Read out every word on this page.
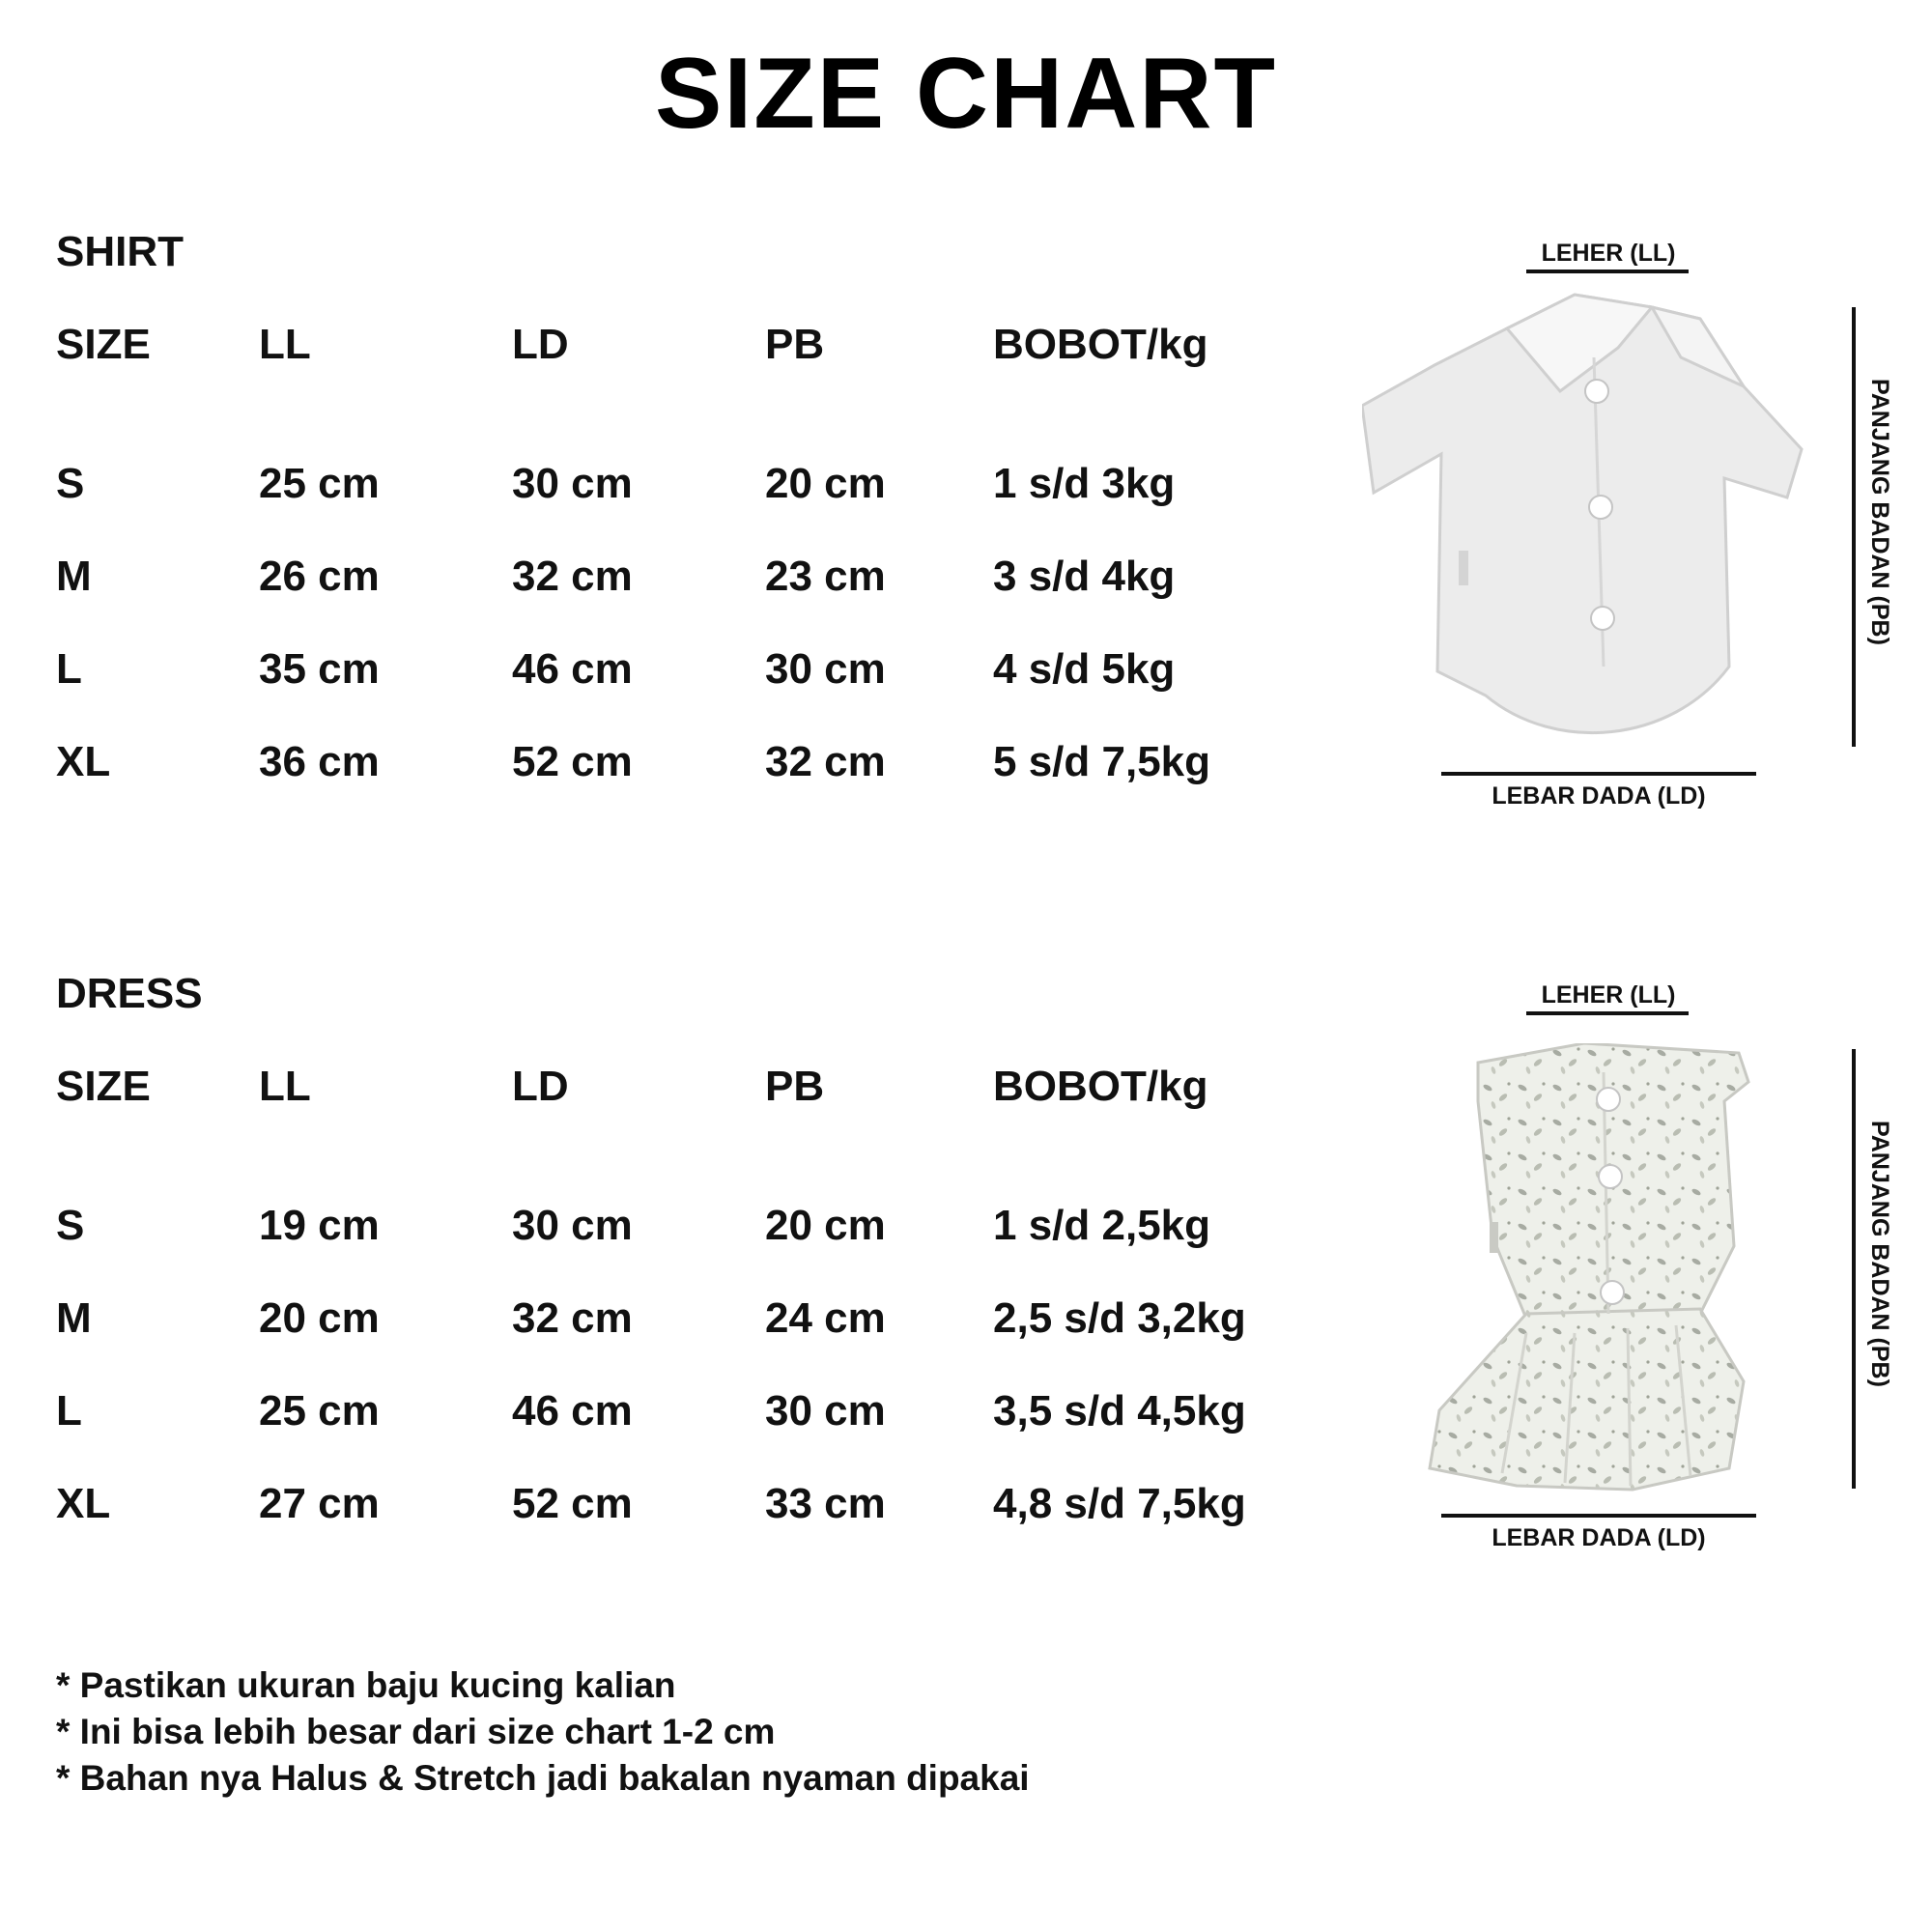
SIZE CHART
SHIRT
SIZE	LL	LD	PB	BOBOT/kg
S	25 cm	30 cm	20 cm	1 s/d 3kg
M	26 cm	32 cm	23 cm	3 s/d 4kg
L	35 cm	46 cm	30 cm	4 s/d 5kg
XL	36 cm	52 cm	32 cm	5 s/d 7,5kg
LEHER (LL)
LEBAR DADA (LD)
PANJANG BADAN (PB)
DRESS
SIZE	LL	LD	PB	BOBOT/kg
S	19 cm	30 cm	20 cm	1 s/d 2,5kg
M	20 cm	32 cm	24 cm	2,5 s/d 3,2kg
L	25 cm	46 cm	30 cm	3,5 s/d 4,5kg
XL	27 cm	52 cm	33 cm	4,8 s/d 7,5kg
LEHER (LL)
LEBAR DADA (LD)
PANJANG BADAN (PB)
* Pastikan ukuran baju kucing kalian
* Ini bisa lebih besar dari size chart 1-2 cm
* Bahan nya Halus & Stretch jadi bakalan nyaman dipakai
